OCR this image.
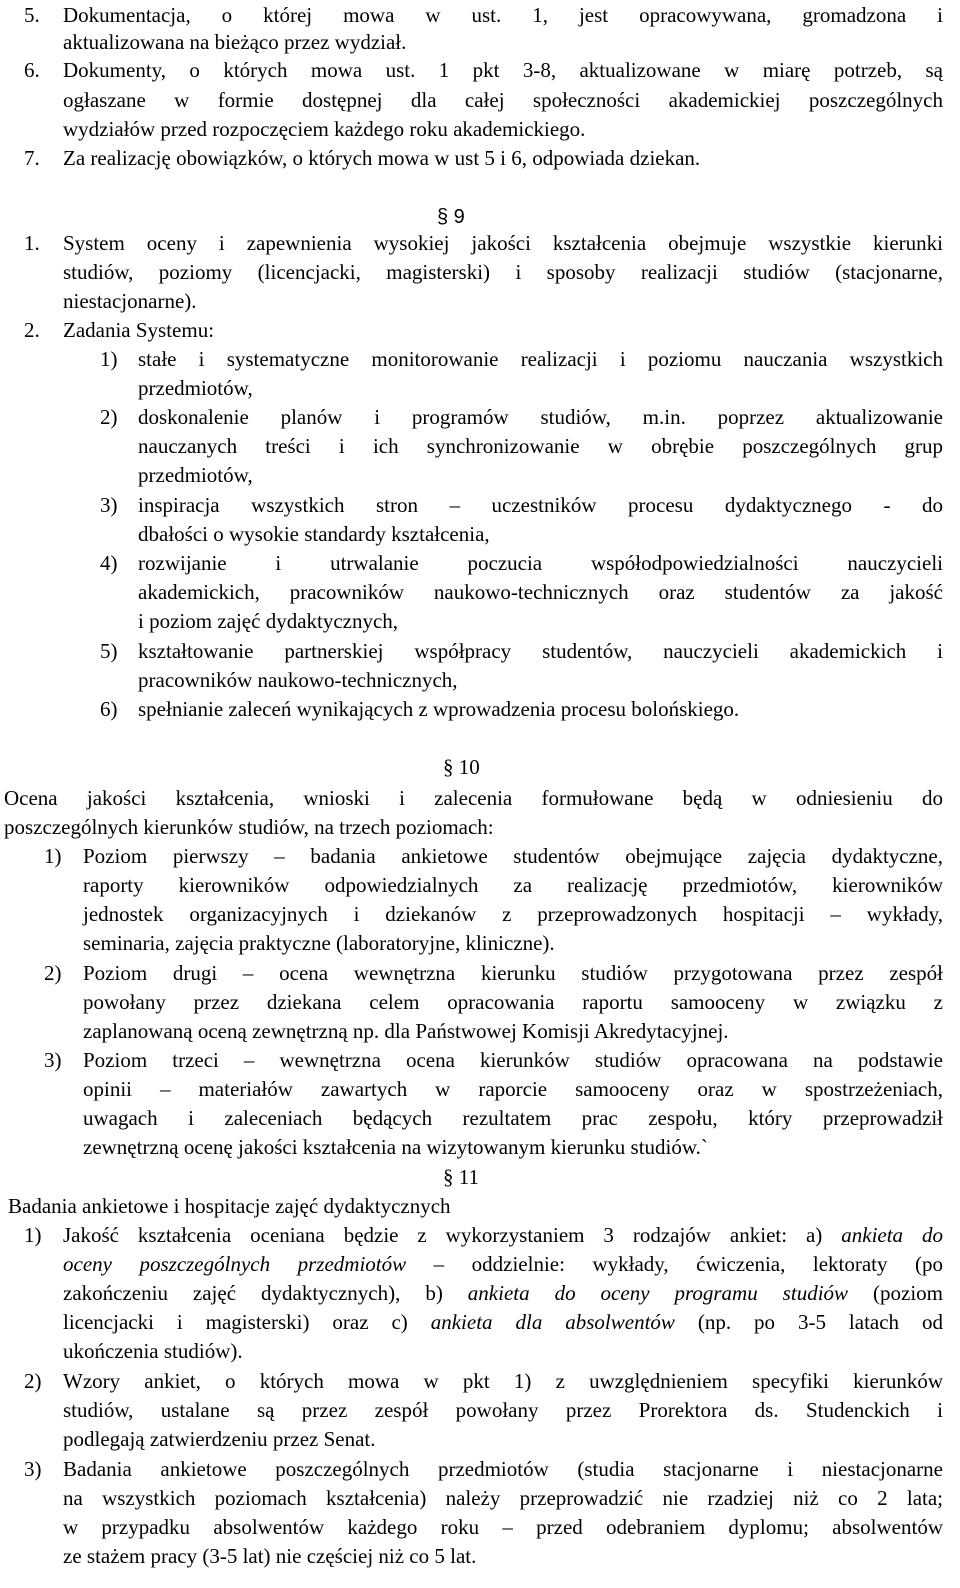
5. Dokumentacja, o której mowa w ust. 1, jest opracowywana, gromadzona i
aktualizowana na bieżąco przez wydział.
6. Dokumenty, o których mowa ust. 1 pkt 3-8, aktualizowane w miarę potrzeb, są
ogłaszane w formie dostępnej dla całej społeczności akademickiej poszczególnych
wydziałów przed rozpoczęciem każdego roku akademickiego.
7. Za realizację obowiązków, o których mowa w ust 5 i 6, odpowiada dziekan.
§ 9
1. System oceny i zapewnienia wysokiej jakości kształcenia obejmuje wszystkie kierunki
studiów, poziomy (licencjacki, magisterski) i sposoby realizacji studiów (stacjonarne,
niestacjonarne).
2. Zadania Systemu:
1) stałe i systematyczne monitorowanie realizacji i poziomu nauczania wszystkich
przedmiotów,
2) doskonalenie planów i programów studiów, m.in. poprzez aktualizowanie
nauczanych treści i ich synchronizowanie w obrębie poszczególnych grup
przedmiotów,
3) inspiracja wszystkich stron – uczestników procesu dydaktycznego - do
dbałości o wysokie standardy kształcenia,
4) rozwijanie i utrwalanie poczucia współodpowiedzialności nauczycieli
akademickich, pracowników naukowo-technicznych oraz studentów za jakość
i poziom zajęć dydaktycznych,
5) kształtowanie partnerskiej współpracy studentów, nauczycieli akademickich i
pracowników naukowo-technicznych,
6) spełnianie zaleceń wynikających z wprowadzenia procesu bolońskiego.
§ 10
Ocena jakości kształcenia, wnioski i zalecenia formułowane będą w odniesieniu do
poszczególnych kierunków studiów, na trzech poziomach:
1) Poziom pierwszy – badania ankietowe studentów obejmujące zajęcia dydaktyczne,
raporty kierowników odpowiedzialnych za realizację przedmiotów, kierowników
jednostek organizacyjnych i dziekanów z przeprowadzonych hospitacji – wykłady,
seminaria, zajęcia praktyczne (laboratoryjne, kliniczne).
2) Poziom drugi – ocena wewnętrzna kierunku studiów przygotowana przez zespół
powołany przez dziekana celem opracowania raportu samooceny w związku z
zaplanowaną oceną zewnętrzną np. dla Państwowej Komisji Akredytacyjnej.
3) Poziom trzeci – wewnętrzna ocena kierunków studiów opracowana na podstawie
opinii – materiałów zawartych w raporcie samooceny oraz w spostrzeżeniach,
uwagach i zaleceniach będących rezultatem prac zespołu, który przeprowadził
zewnętrzną ocenę jakości kształcenia na wizytowanym kierunku studiów.`
§ 11
Badania ankietowe i hospitacje zajęć dydaktycznych
1) Jakość kształcenia oceniana będzie z wykorzystaniem 3 rodzajów ankiet: a) ankieta do
oceny poszczególnych przedmiotów – oddzielnie: wykłady, ćwiczenia, lektoraty (po
zakończeniu zajęć dydaktycznych), b) ankieta do oceny programu studiów (poziom
licencjacki i magisterski) oraz c) ankieta dla absolwentów (np. po 3-5 latach od
ukończenia studiów).
2) Wzory ankiet, o których mowa w pkt 1) z uwzględnieniem specyfiki kierunków
studiów, ustalane są przez zespół powołany przez Prorektora ds. Studenckich i
podlegają zatwierdzeniu przez Senat.
3) Badania ankietowe poszczególnych przedmiotów (studia stacjonarne i niestacjonarne
na wszystkich poziomach kształcenia) należy przeprowadzić nie rzadziej niż co 2 lata;
w przypadku absolwentów każdego roku – przed odebraniem dyplomu; absolwentów
ze stażem pracy (3-5 lat) nie częściej niż co 5 lat.
